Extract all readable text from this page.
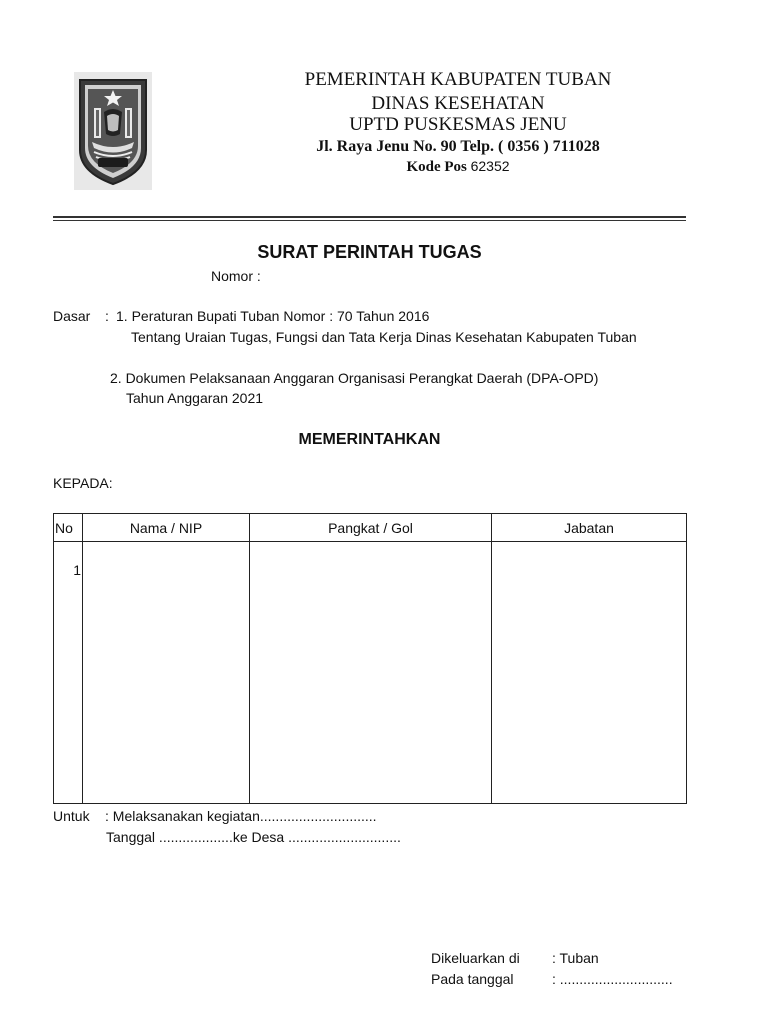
PEMERINTAH KABUPATEN TUBAN
DINAS KESEHATAN
UPTD PUSKESMAS JENU
Jl. Raya Jenu No. 90 Telp. ( 0356 ) 711028
Kode Pos 62352
SURAT PERINTAH TUGAS
Nomor :
Dasar : 1. Peraturan Bupati Tuban Nomor : 70 Tahun 2016
Tentang Uraian Tugas, Fungsi dan Tata Kerja Dinas Kesehatan Kabupaten Tuban
2. Dokumen Pelaksanaan Anggaran Organisasi Perangkat Daerah (DPA-OPD)
Tahun Anggaran 2021
MEMERINTAHKAN
KEPADA:
No	Nama / NIP	Pangkat / Gol	Jabatan
1			
Untuk : Melaksanakan kegiatan..............................
Tanggal ...................ke Desa .............................
Dikeluarkan di : Tuban
Pada tanggal	: .............................
